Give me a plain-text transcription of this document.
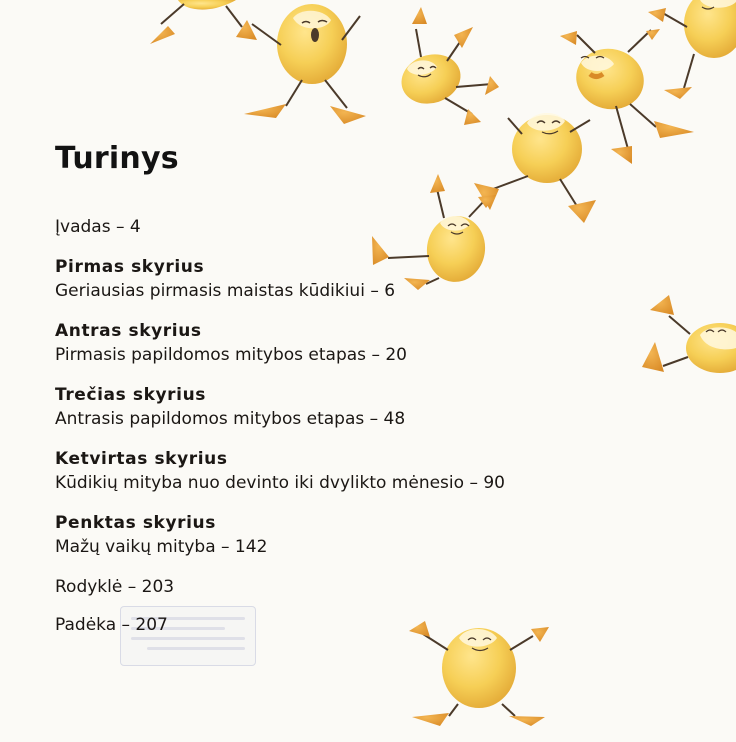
Turinys
Įvadas – 4
Pirmas skyrius
Geriausias pirmasis maistas kūdikiui – 6
Antras skyrius
Pirmasis papildomos mitybos etapas – 20
Trečias skyrius
Antrasis papildomos mitybos etapas – 48
Ketvirtas skyrius
Kūdikių mityba nuo devinto iki dvylikto mėnesio – 90
Penktas skyrius
Mažų vaikų mityba – 142
Rodyklė – 203
Padėka – 207
